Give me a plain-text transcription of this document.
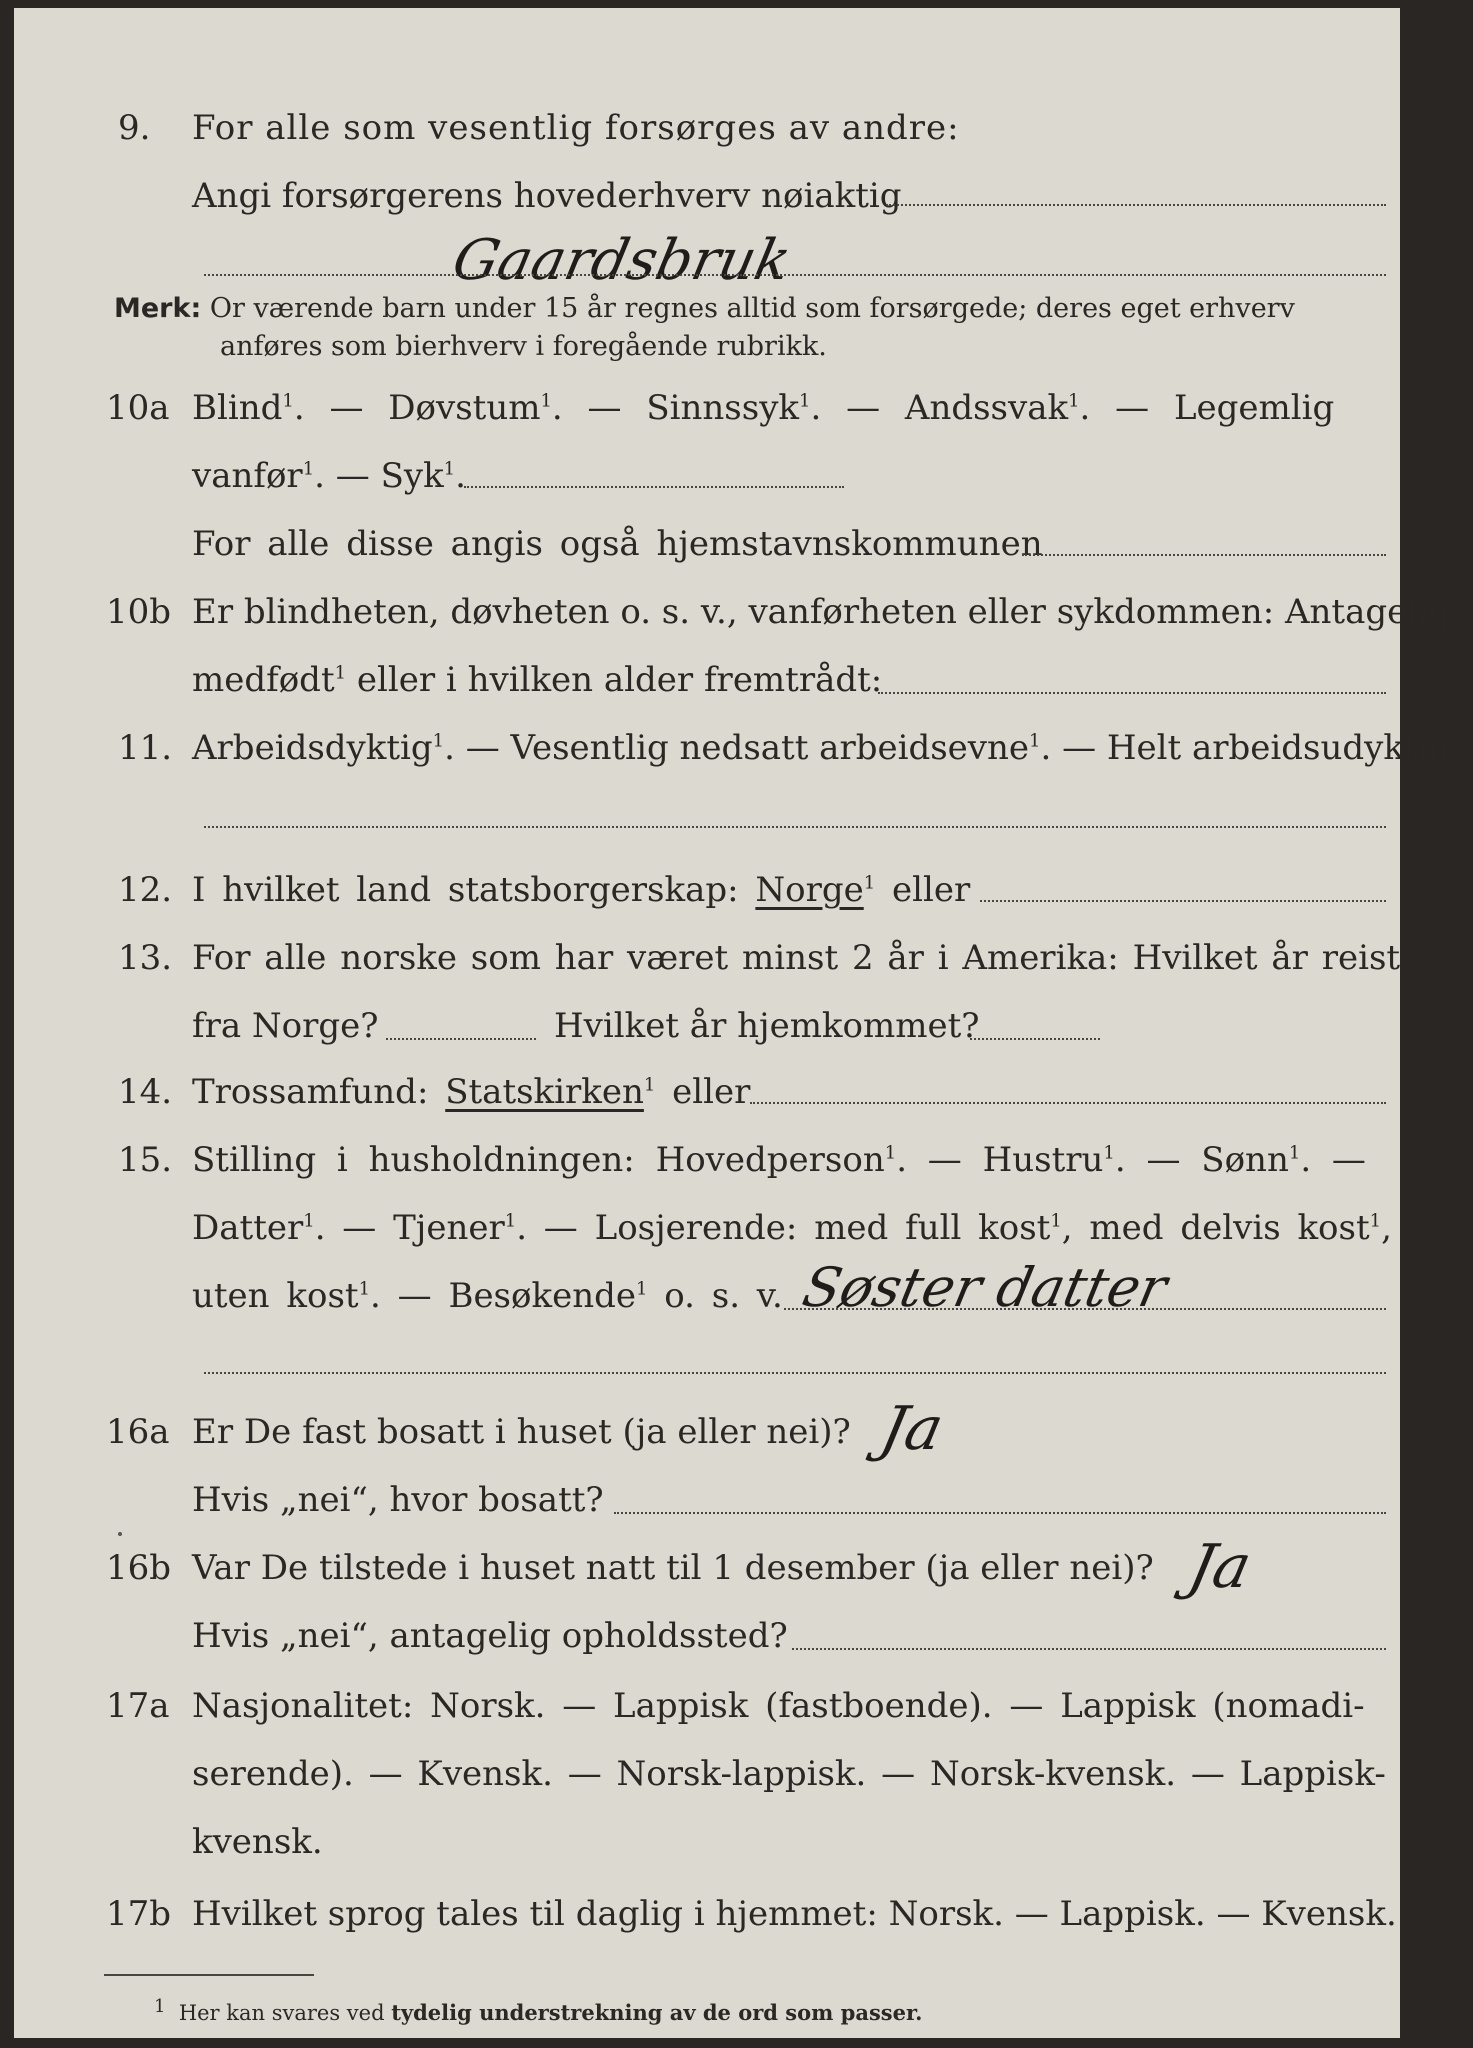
9. For alle som vesentlig forsørges av andre:
Angi forsørgerens hovederhverv nøiaktig
Gaardsbruk
Merk: Or værende barn under 15 år regnes alltid som forsørgede; deres eget erhverv
anføres som bierhverv i foregående rubrikk.
10a Blind$^1$. — Døvstum$^1$. — Sinnssyk$^1$. — Andssvak$^1$. — Legemlig
vanfør$^1$. — Syk$^1$.
For alle disse angis også hjemstavnskommunen
10b Er blindheten, døvheten o. s. v., vanførheten eller sykdommen: Antagelig
medfødt$^1$ eller i hvilken alder fremtrådt:
11. Arbeidsdyktig$^1$. — Vesentlig nedsatt arbeidsevne$^1$. — Helt arbeidsudyktig$^1$.
12. I hvilket land statsborgerskap: Norge$^1$ eller
13. For alle norske som har været minst 2 år i Amerika: Hvilket år reist
fra Norge?	Hvilket år hjemkommet?
14. Trossamfund: Statskirken$^1$ eller
15. Stilling i husholdningen: Hovedperson$^1$. — Hustru$^1$. — Sønn$^1$. —
Datter$^1$. — Tjener$^1$. — Losjerende: med full kost$^1$, med delvis kost$^1$,
uten kost$^1$. — Besøkende$^1$ o. s. v. Søster datter
16a Er De fast bosatt i huset (ja eller nei)? Ja
Hvis „nei“, hvor bosatt?
16b Var De tilstede i huset natt til 1 desember (ja eller nei)? Ja
Hvis „nei“, antagelig opholdssted?
17a Nasjonalitet: Norsk. — Lappisk (fastboende). — Lappisk (nomadi-
serende). — Kvensk. — Norsk-lappisk. — Norsk-kvensk. — Lappisk-
kvensk.
17b Hvilket sprog tales til daglig i hjemmet: Norsk. — Lappisk. — Kvensk.
1 Her kan svares ved tydelig understrekning av de ord som passer.
